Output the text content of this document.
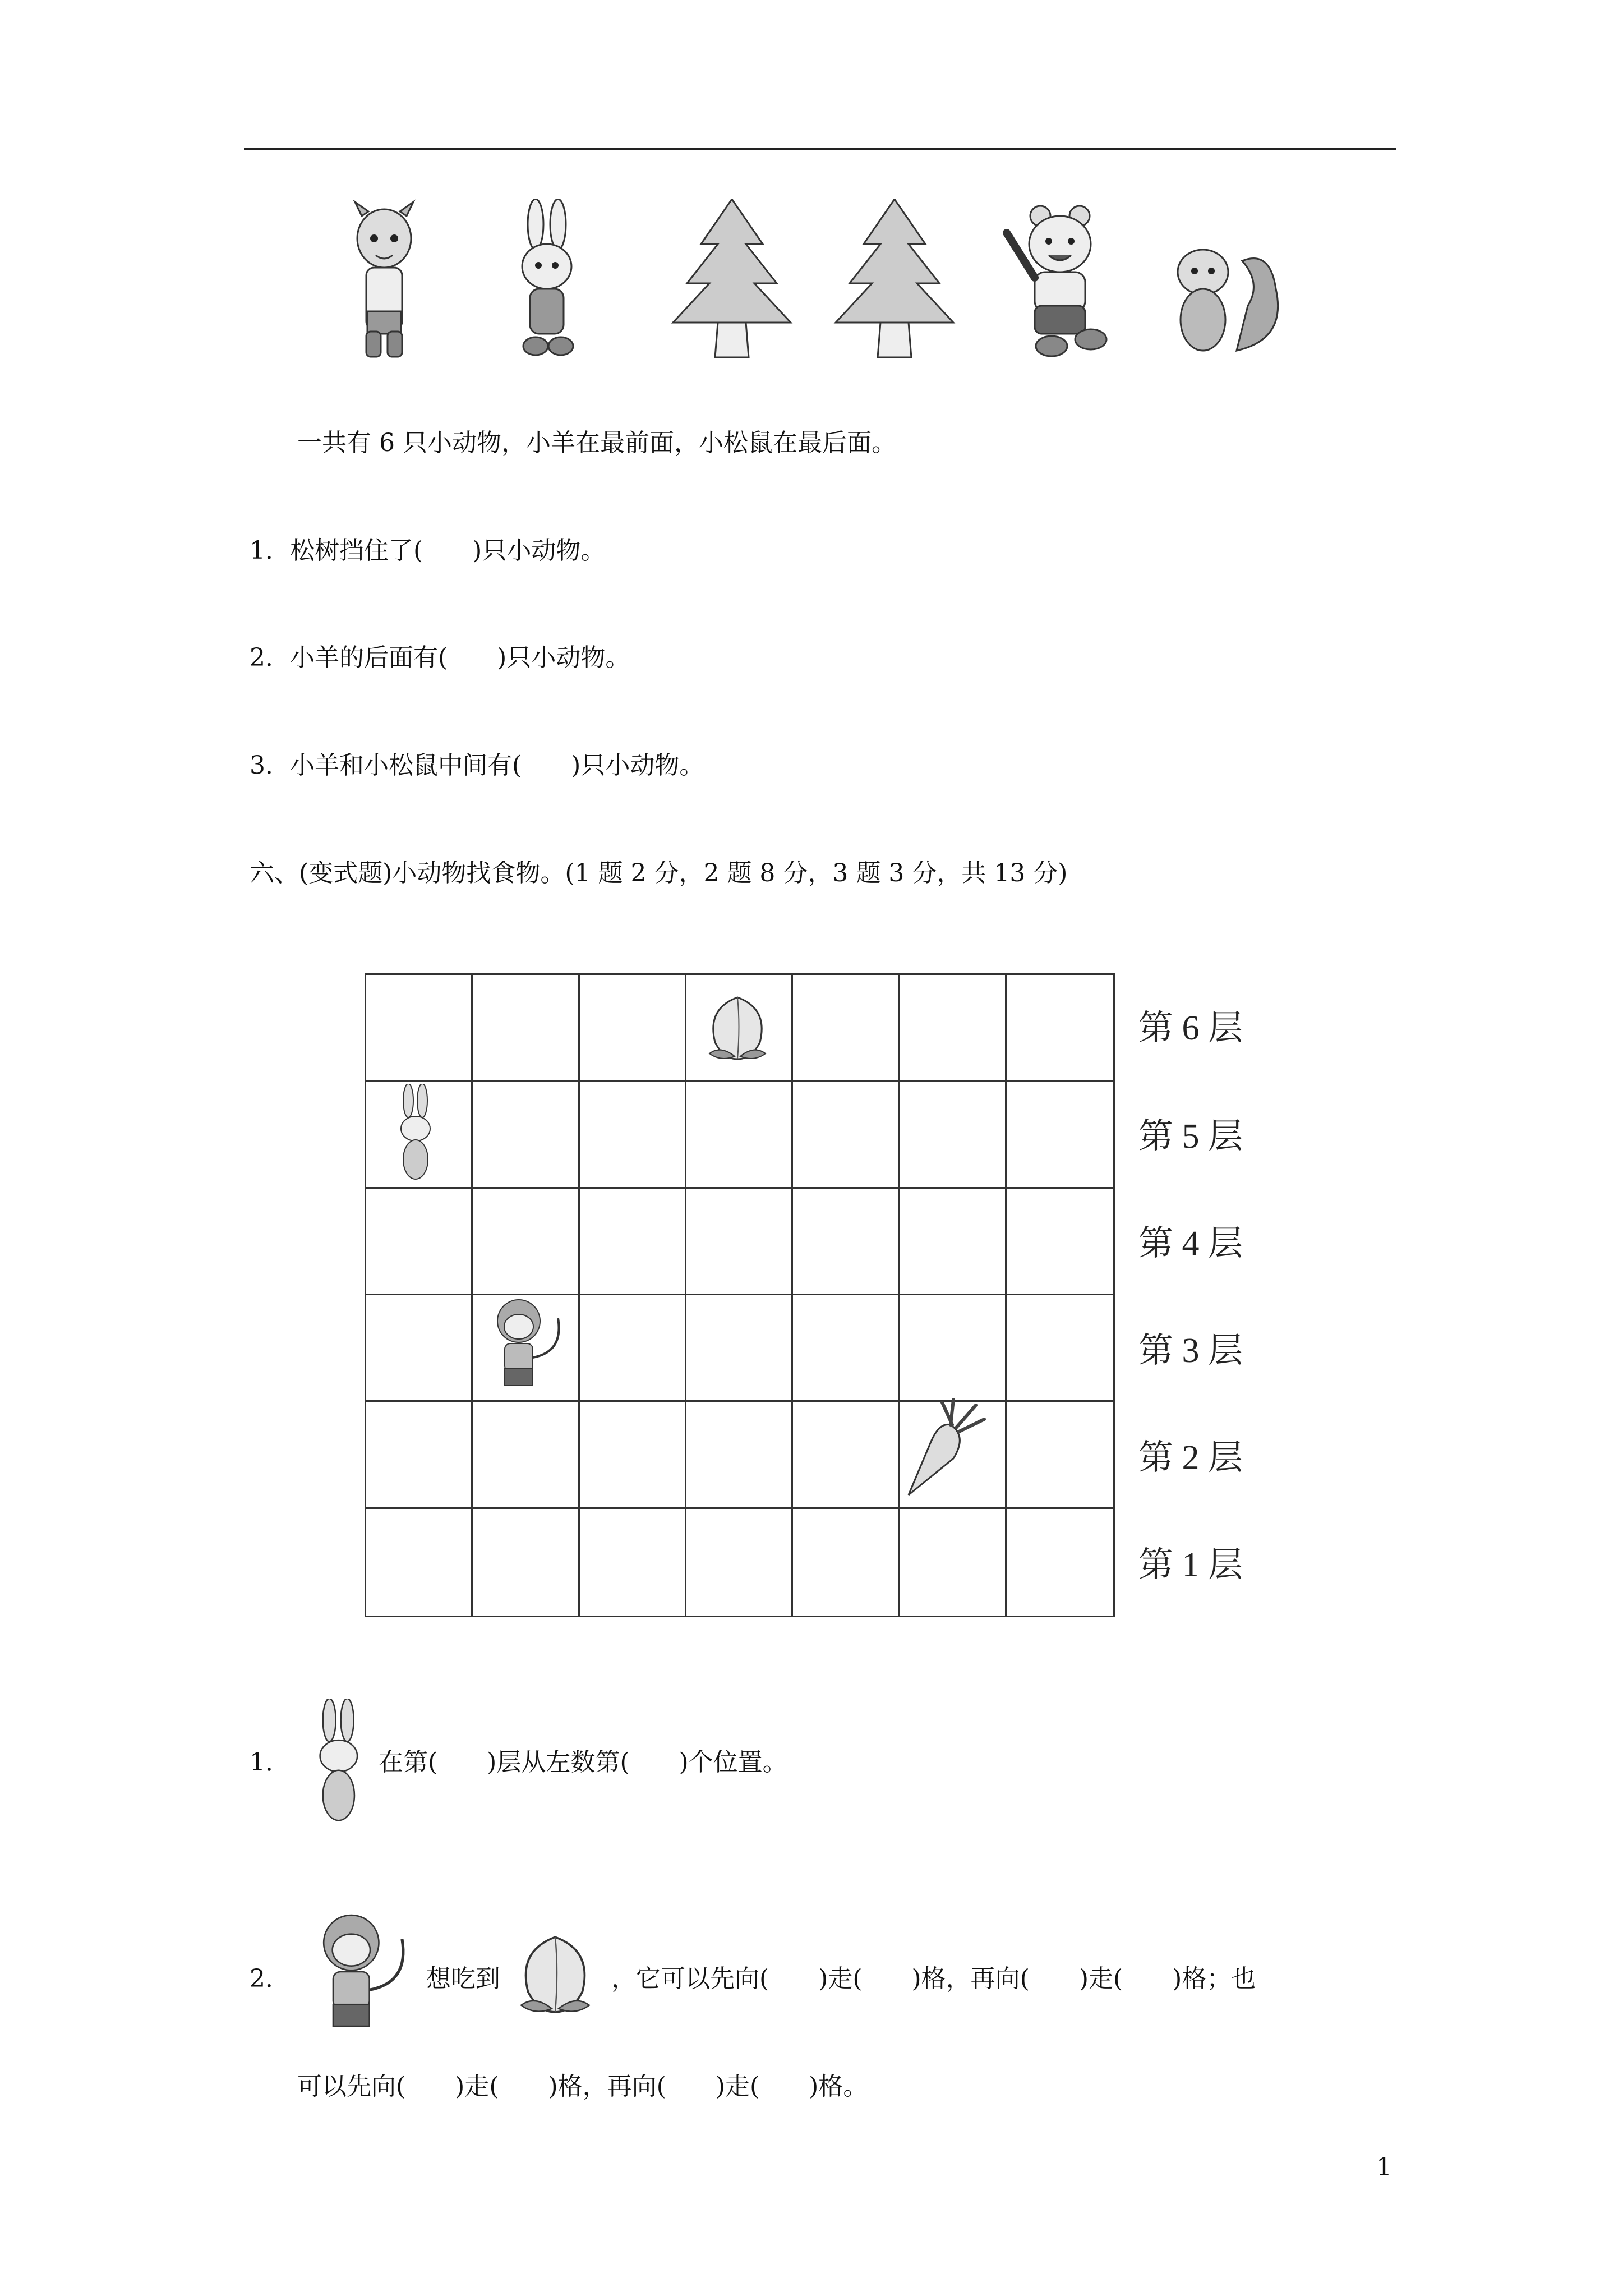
一共有 6 只小动物，小羊在最前面，小松鼠在最后面。
1．松树挡住了(　　)只小动物。
2．小羊的后面有(　　)只小动物。
3．小羊和小松鼠中间有(　　)只小动物。
六、(变式题)小动物找食物。(1 题 2 分，2 题 8 分，3 题 3 分，共 13 分)
第 6 层
第 5 层
第 4 层
第 3 层
第 2 层
第 1 层
1．	在第(　　)层从左数第(　　)个位置。
2．	想吃到	，它可以先向(　　)走(　　)格，再向(　　)走(　　)格；也
可以先向(　　)走(　　)格，再向(　　)走(　　)格。
1
